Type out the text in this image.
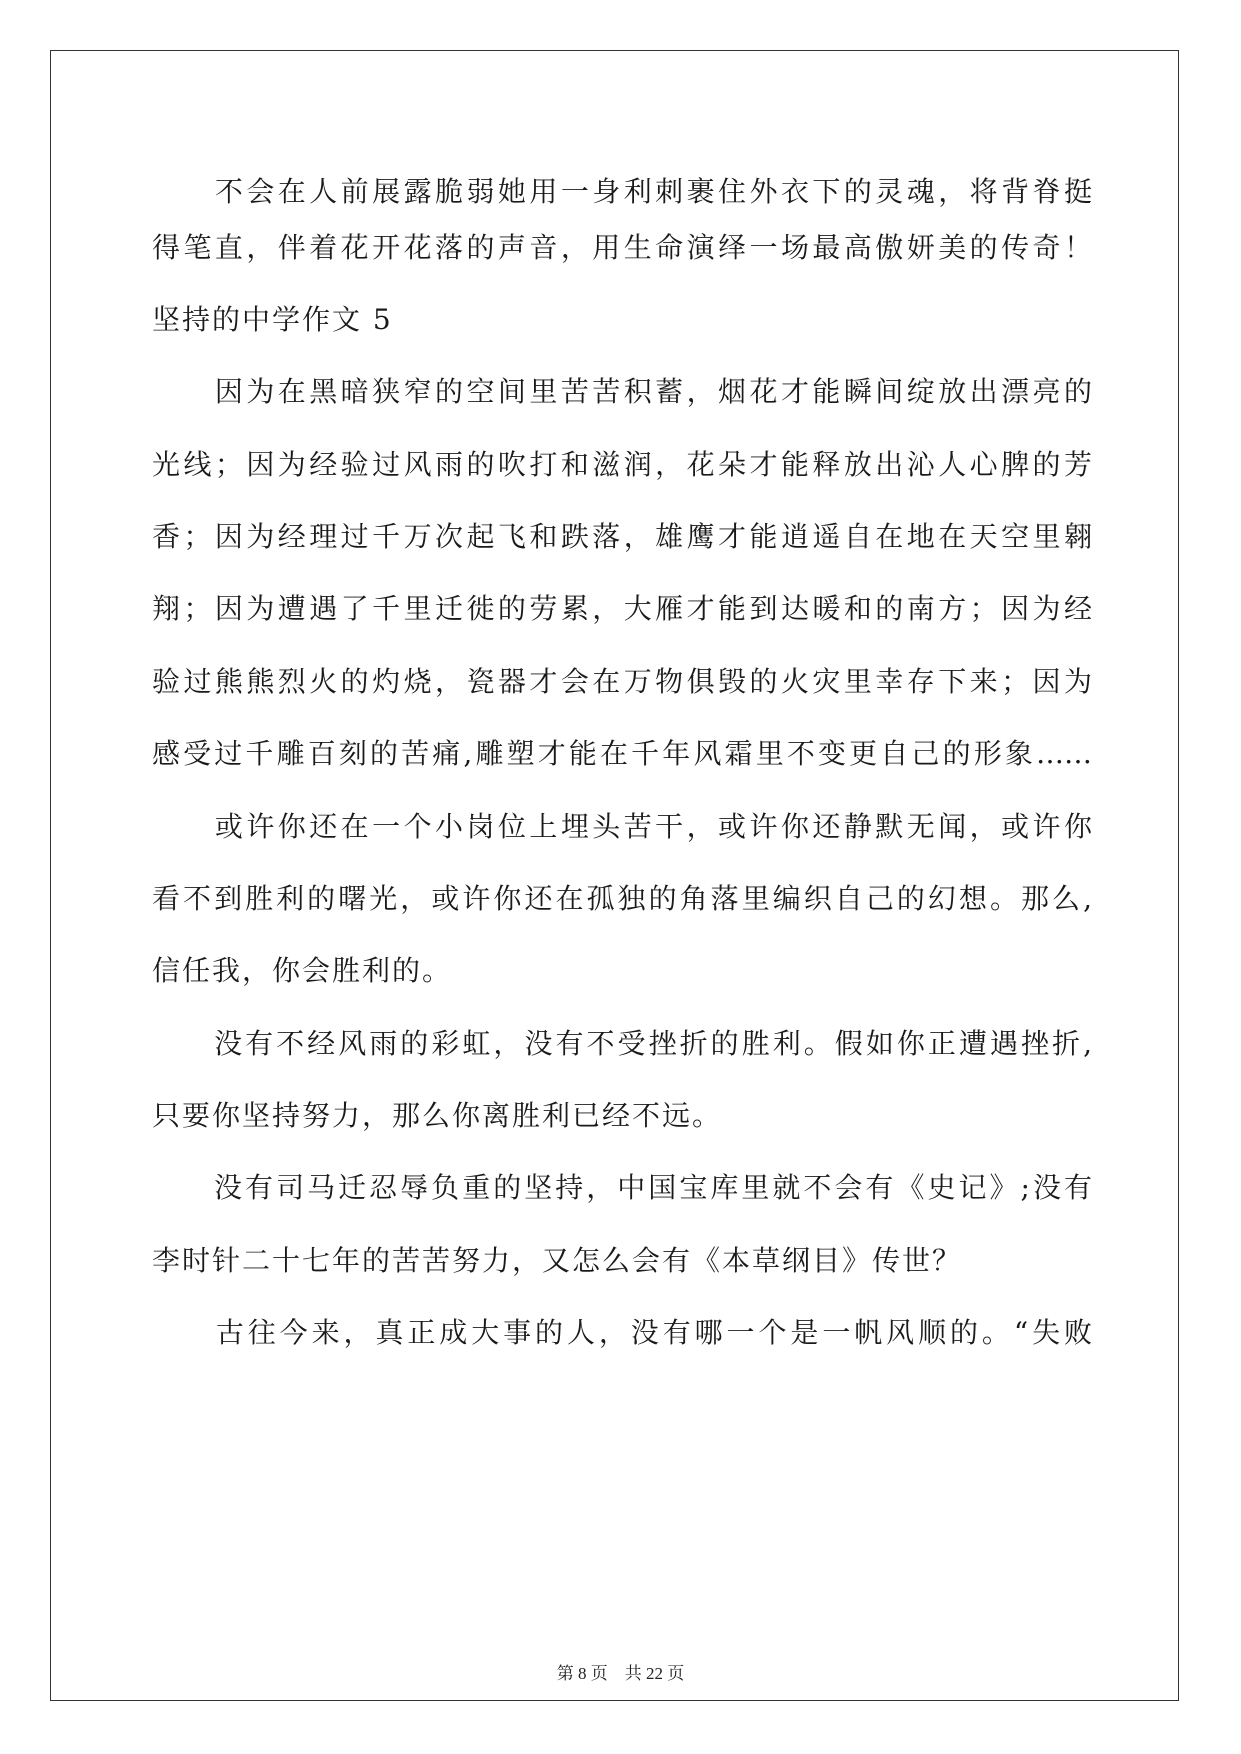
　　不会在人前展露脆弱她用一身利刺裹住外衣下的灵魂，将背脊挺
得笔直，伴着花开花落的声音，用生命演绎一场最高傲妍美的传奇！
坚持的中学作文 5
　　因为在黑暗狭窄的空间里苦苦积蓄，烟花才能瞬间绽放出漂亮的
光线；因为经验过风雨的吹打和滋润，花朵才能释放出沁人心脾的芳
香；因为经理过千万次起飞和跌落，雄鹰才能逍遥自在地在天空里翱
翔；因为遭遇了千里迁徙的劳累，大雁才能到达暖和的南方；因为经
验过熊熊烈火的灼烧，瓷器才会在万物俱毁的火灾里幸存下来；因为
感受过千雕百刻的苦痛,雕塑才能在千年风霜里不变更自己的形象……
　　或许你还在一个小岗位上埋头苦干，或许你还静默无闻，或许你
看不到胜利的曙光，或许你还在孤独的角落里编织自己的幻想。那么,
信任我，你会胜利的。
　　没有不经风雨的彩虹，没有不受挫折的胜利。假如你正遭遇挫折,
只要你坚持努力，那么你离胜利已经不远。
　　没有司马迁忍辱负重的坚持，中国宝库里就不会有《史记》;没有
李时针二十七年的苦苦努力，又怎么会有《本草纲目》传世？
　　古往今来，真正成大事的人，没有哪一个是一帆风顺的。“失败
第 8 页　共 22 页
